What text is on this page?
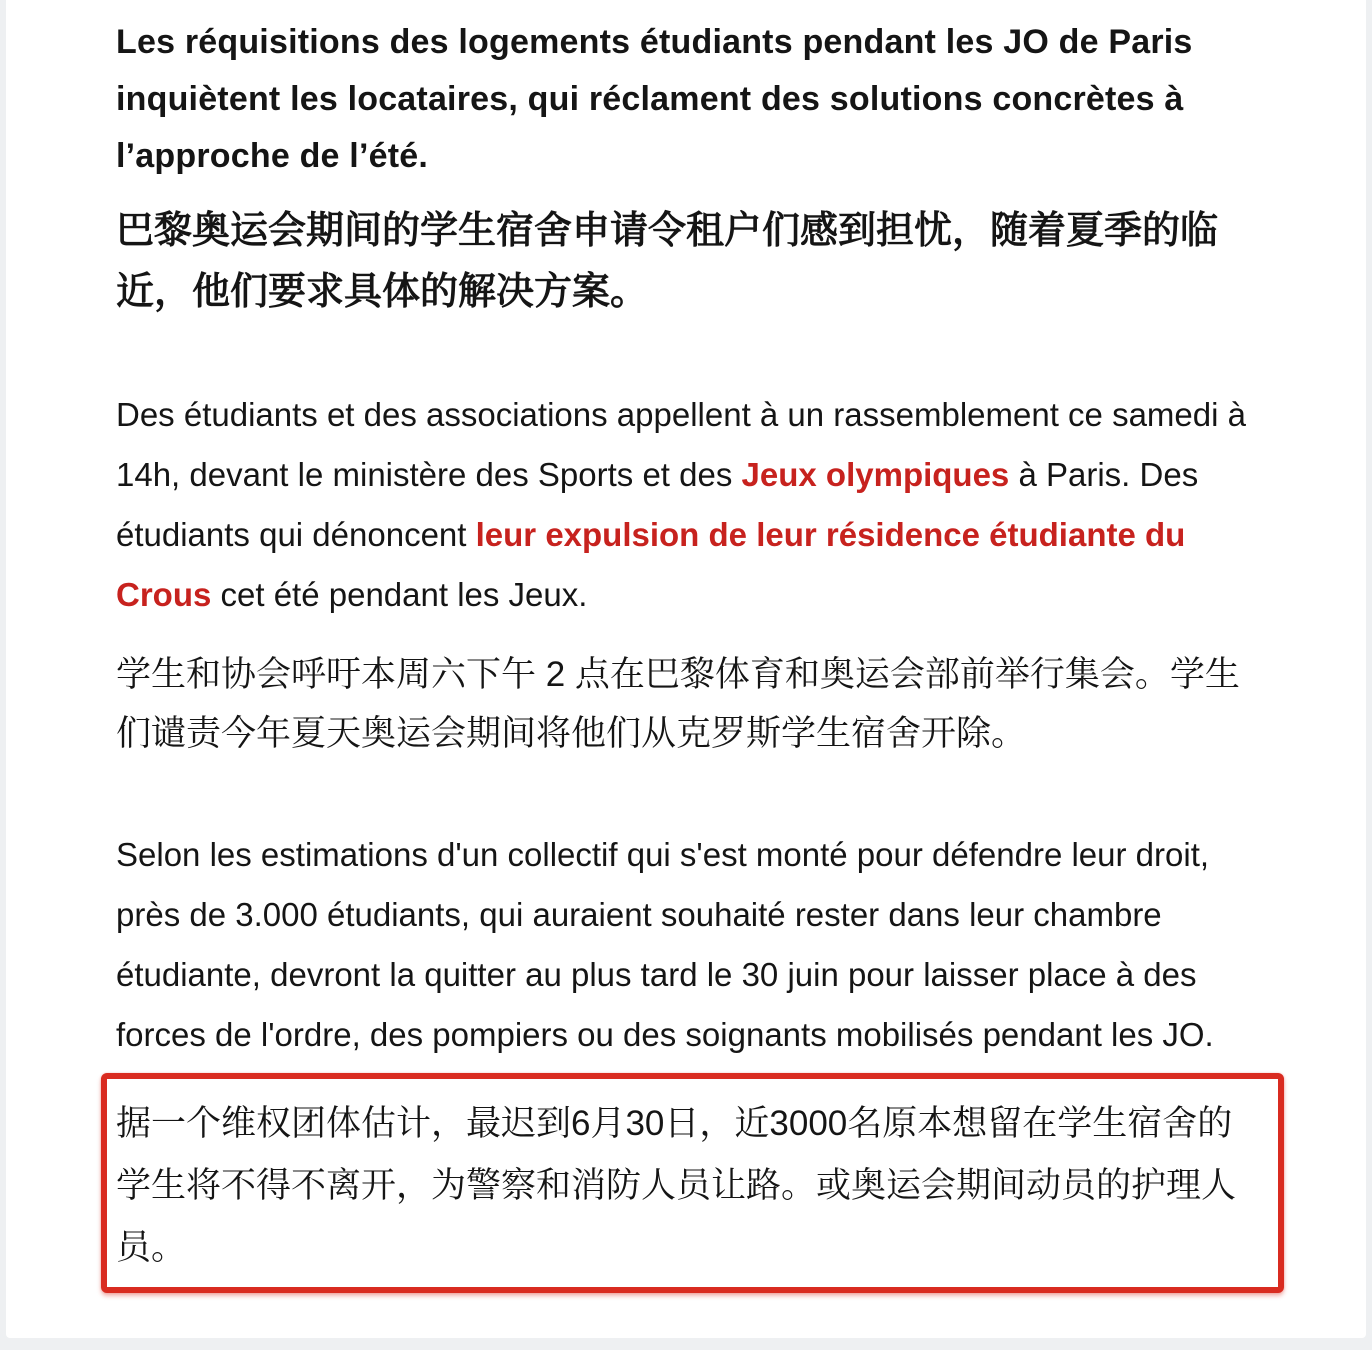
Les réquisitions des logements étudiants pendant les JO de Paris inquiètent les locataires, qui réclament des solutions concrètes à l’approche de l’été.
巴黎奥运会期间的学生宿舍申请令租户们感到担忧，随着夏季的临近，他们要求具体的解决方案。

Des étudiants et des associations appellent à un rassemblement ce samedi à 14h, devant le ministère des Sports et des Jeux olympiques à Paris. Des étudiants qui dénoncent leur expulsion de leur résidence étudiante du Crous cet été pendant les Jeux.

学生和协会呼吁本周六下午 2 点在巴黎体育和奥运会部前举行集会。学生们谴责今年夏天奥运会期间将他们从克罗斯学生宿舍开除。

Selon les estimations d'un collectif qui s'est monté pour défendre leur droit, près de 3.000 étudiants, qui auraient souhaité rester dans leur chambre étudiante, devront la quitter au plus tard le 30 juin pour laisser place à des forces de l'ordre, des pompiers ou des soignants mobilisés pendant les JO.

据一个维权团体估计，最迟到6月30日，近3000名原本想留在学生宿舍的学生将不得不离开，为警察和消防人员让路。或奥运会期间动员的护理人员。
